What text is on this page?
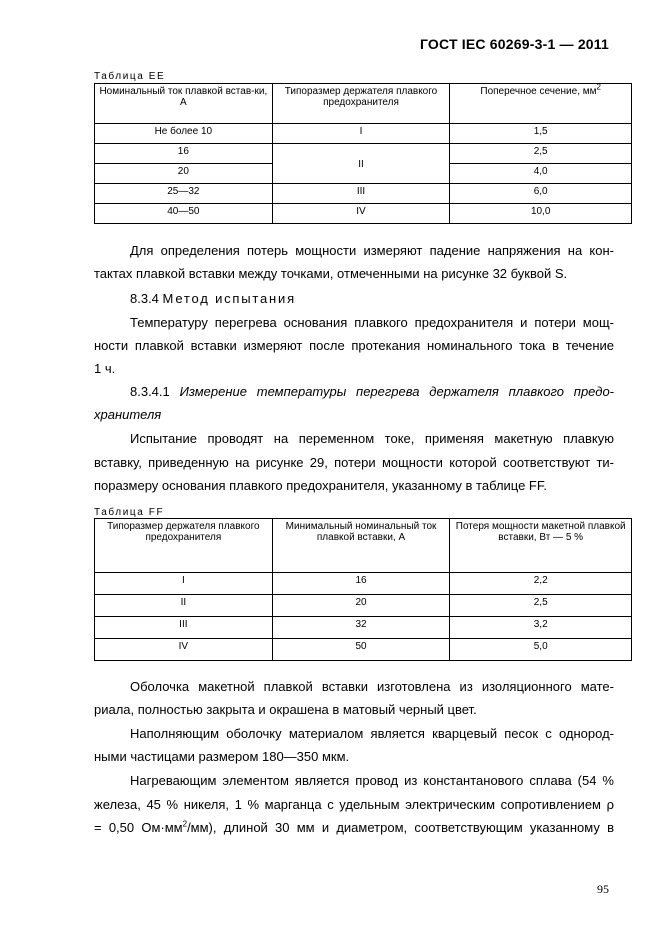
ГОСТ IEC 60269-3-1 — 2011
Таблица EE
Номинальный ток плавкой встав-ки, А	Типоразмер держателя плавкого предохранителя	Поперечное сечение, $мм^2$
Не более 10	I	1,5
16	II	2,5
20		4,0
25—32	III	6,0
40—50	IV	10,0
Для определения потерь мощности измеряют падение напряжения на кон-
тактах плавкой вставки между точками, отмеченными на рисунке 32 буквой S.
8.3.4 Метод испытания
Температуру перегрева основания плавкого предохранителя и потери мощ-
ности плавкой вставки измеряют после протекания номинального тока в течение
1 ч.
8.3.4.1 Измерение температуры перегрева держателя плавкого предо-
хранителя
Испытание проводят на переменном токе, применяя макетную плавкую
вставку, приведенную на рисунке 29, потери мощности которой соответствуют ти-
поразмеру основания плавкого предохранителя, указанному в таблице FF.
Таблица FF
Типоразмер держателя плавкого предохранителя	Минимальный номинальный ток плавкой вставки, А	Потеря мощности макетной плавкой вставки, Вт — 5 %
I	16	2,2
II	20	2,5
III	32	3,2
IV	50	5,0
Оболочка макетной плавкой вставки изготовлена из изоляционного мате-
риала, полностью закрыта и окрашена в матовый черный цвет.
Наполняющим оболочку материалом является кварцевый песок с однород-
ными частицами размером 180—350 мкм.
Нагревающим элементом является провод из константанового сплава (54 %
железа, 45 % никеля, 1 % марганца с удельным электрическим сопротивлением ρ
= 0,50 $Ом\cdot мм^2/мм$), длиной 30 мм и диаметром, соответствующим указанному в
95
